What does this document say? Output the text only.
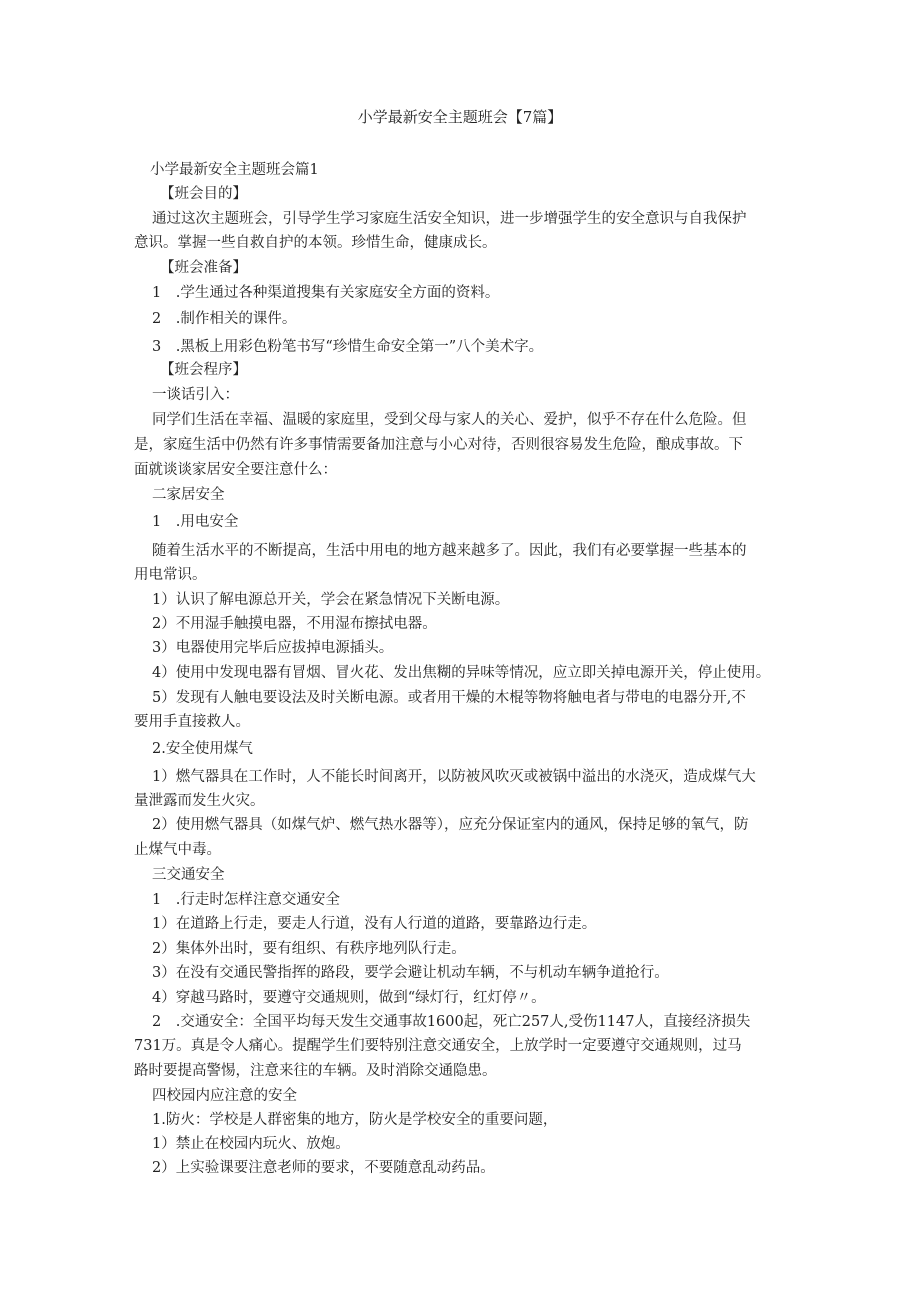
小学最新安全主题班会【7篇】
小学最新安全主题班会篇1
【班会目的】
通过这次主题班会，引导学生学习家庭生活安全知识，进一步增强学生的安全意识与自我保护
意识。掌握一些自救自护的本领。珍惜生命，健康成长。
【班会准备】
1　.学生通过各种渠道搜集有关家庭安全方面的资料。
2　.制作相关的课件。
3　.黑板上用彩色粉笔书写“珍惜生命安全第一”八个美术字。
【班会程序】
一谈话引入：
同学们生活在幸福、温暖的家庭里，受到父母与家人的关心、爱护，似乎不存在什么危险。但
是，家庭生活中仍然有许多事情需要备加注意与小心对待，否则很容易发生危险，酿成事故。下
面就谈谈家居安全要注意什么：
二家居安全
1　.用电安全
随着生活水平的不断提高，生活中用电的地方越来越多了。因此，我们有必要掌握一些基本的
用电常识。
1）认识了解电源总开关，学会在紧急情况下关断电源。
2）不用湿手触摸电器，不用湿布擦拭电器。
3）电器使用完毕后应拔掉电源插头。
4）使用中发现电器有冒烟、冒火花、发出焦糊的异味等情况，应立即关掉电源开关，停止使用。
5）发现有人触电要设法及时关断电源。或者用干燥的木棍等物将触电者与带电的电器分开,不
要用手直接救人。
2.安全使用煤气
1）燃气器具在工作时，人不能长时间离开，以防被风吹灭或被锅中溢出的水浇灭，造成煤气大
量泄露而发生火灾。
2）使用燃气器具（如煤气炉、燃气热水器等），应充分保证室内的通风，保持足够的氧气，防
止煤气中毒。
三交通安全
1　.行走时怎样注意交通安全
1）在道路上行走，要走人行道，没有人行道的道路，要靠路边行走。
2）集体外出时，要有组织、有秩序地列队行走。
3）在没有交通民警指挥的路段，要学会避让机动车辆，不与机动车辆争道抢行。
4）穿越马路时，要遵守交通规则，做到“绿灯行，红灯停〃。
2　.交通安全：全国平均每天发生交通事故1600起，死亡257人,受伤1147人，直接经济损失
731万。真是令人痛心。提醒学生们要特别注意交通安全，上放学时一定要遵守交通规则，过马
路时要提高警惕，注意来往的车辆。及时消除交通隐患。
四校园内应注意的安全
1.防火：学校是人群密集的地方，防火是学校安全的重要问题，
1）禁止在校园内玩火、放炮。
2）上实验课要注意老师的要求，不要随意乱动药品。
